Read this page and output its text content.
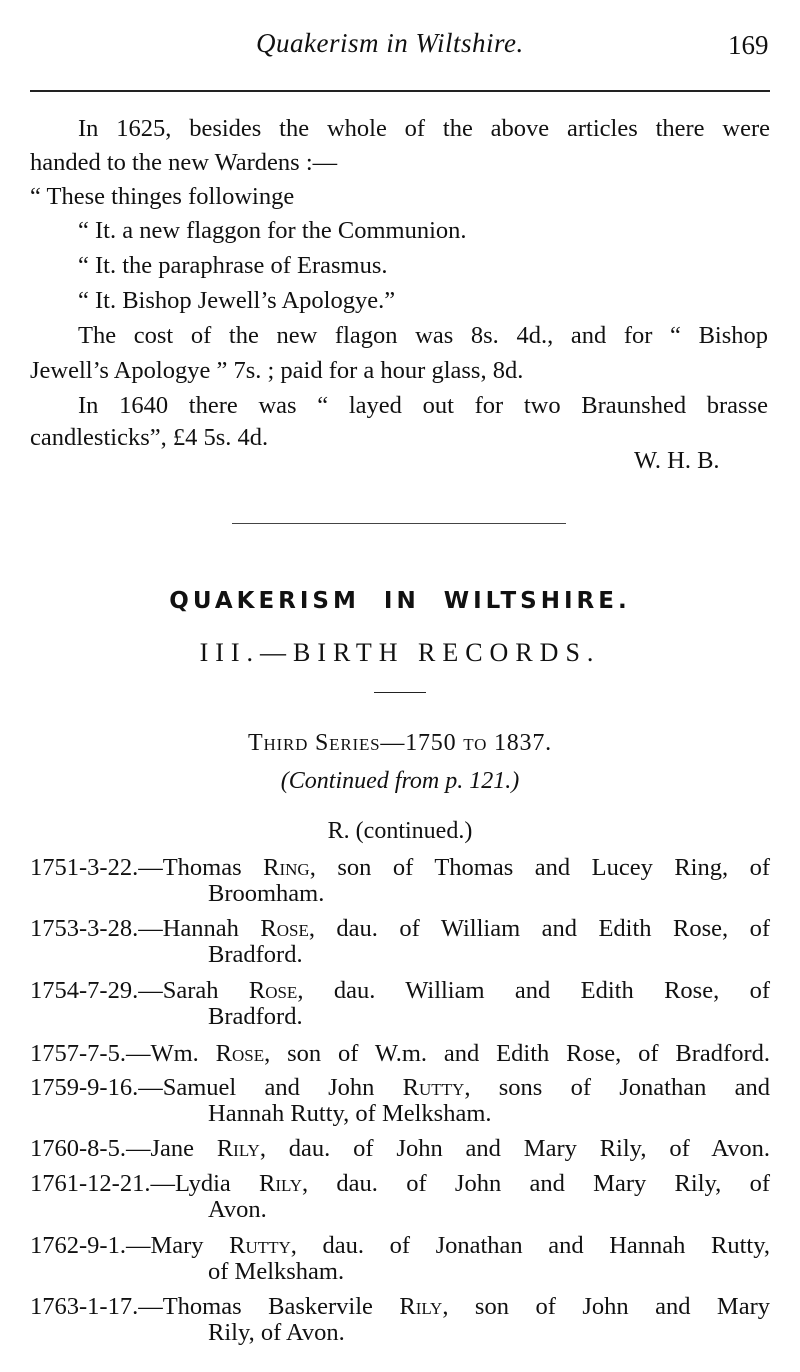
Quakerism in Wiltshire.	169
In 1625, besides the whole of the above articles there were
handed to the new Wardens :—
“ These thinges followinge
“ It. a new flaggon for the Communion.
“ It. the paraphrase of Erasmus.
“ It. Bishop Jewell’s Apologye.”
The cost of the new flagon was 8s. 4d., and for “ Bishop
Jewell’s Apologye ” 7s. ; paid for a hour glass, 8d.
In 1640 there was “ layed out for two Braunshed brasse
candlesticks”, £4 5s. 4d.
W. H. B.
QUAKERISM IN WILTSHIRE.
III.—BIRTH RECORDS.
Third Series—1750 to 1837.
(Continued from p. 121.)
R. (continued.)
1751-3-22.—Thomas Ring, son of Thomas and Lucey Ring, of
Broomham.
1753-3-28.—Hannah Rose, dau. of William and Edith Rose, of
Bradford.
1754-7-29.—Sarah Rose, dau. William and Edith Rose, of
Bradford.
1757-7-5.—Wm. Rose, son of W.m. and Edith Rose, of Bradford.
1759-9-16.—Samuel and John Rutty, sons of Jonathan and
Hannah Rutty, of Melksham.
1760-8-5.—Jane Rily, dau. of John and Mary Rily, of Avon.
1761-12-21.—Lydia Rily, dau. of John and Mary Rily, of
Avon.
1762-9-1.—Mary Rutty, dau. of Jonathan and Hannah Rutty,
of Melksham.
1763-1-17.—Thomas Baskervile Rily, son of John and Mary
Rily, of Avon.
